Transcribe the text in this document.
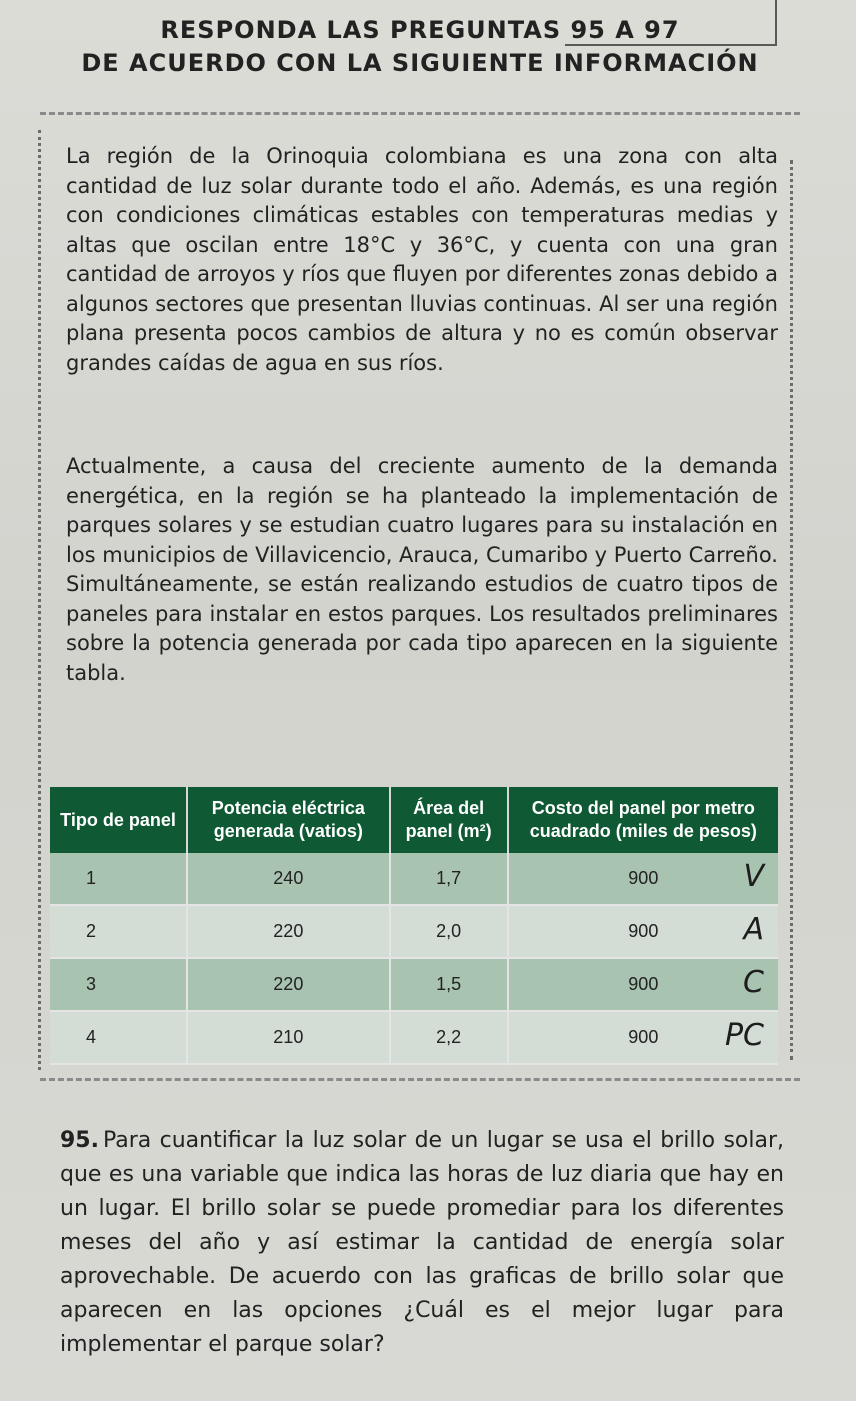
RESPONDA LAS PREGUNTAS 95 A 97
DE ACUERDO CON LA SIGUIENTE INFORMACIÓN
La región de la Orinoquia colombiana es una zona con alta cantidad de luz solar durante todo el año. Además, es una región con condiciones climáticas estables con temperaturas medias y altas que oscilan entre 18°C y 36°C, y cuenta con una gran cantidad de arroyos y ríos que fluyen por diferentes zonas debido a algunos sectores que presentan lluvias continuas. Al ser una región plana presenta pocos cambios de altura y no es común observar grandes caídas de agua en sus ríos.
Actualmente, a causa del creciente aumento de la demanda energética, en la región se ha planteado la implementación de parques solares y se estudian cuatro lugares para su instalación en los municipios de Villavicencio, Arauca, Cumaribo y Puerto Carreño. Simultáneamente, se están realizando estudios de cuatro tipos de paneles para instalar en estos parques. Los resultados preliminares sobre la potencia generada por cada tipo aparecen en la siguiente tabla.
Tipo de panel	Potencia eléctrica generada (vatios)	Área del panel (m²)	Costo del panel por metro cuadrado (miles de pesos)
1	240	1,7	900 V

2	220	2,0	900 A

3	220	1,5	900 C

4	210	2,2	900 PC
95. Para cuantificar la luz solar de un lugar se usa el brillo solar, que es una variable que indica las horas de luz diaria que hay en un lugar. El brillo solar se puede promediar para los diferentes meses del año y así estimar la cantidad de energía solar aprovechable. De acuerdo con las graficas de brillo solar que aparecen en las opciones ¿Cuál es el mejor lugar para implementar el parque solar?
